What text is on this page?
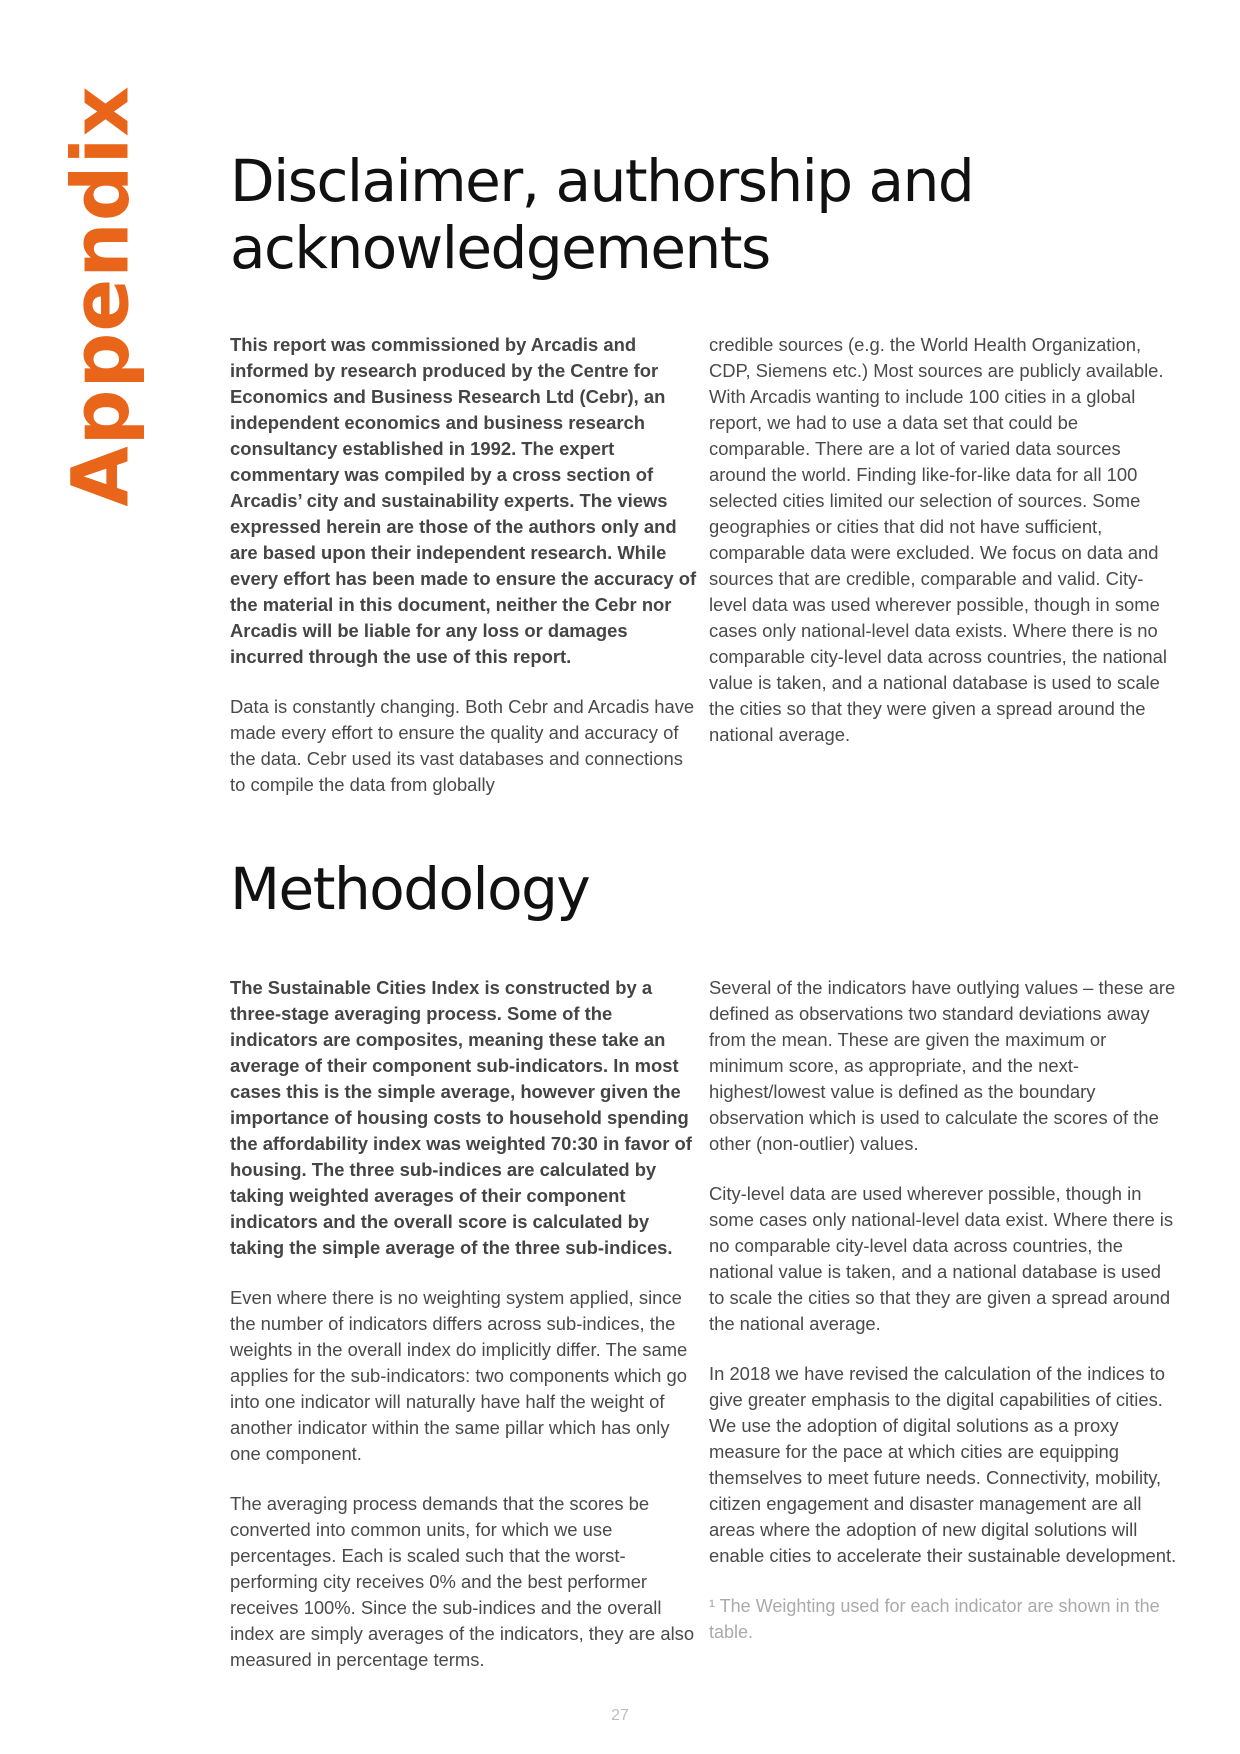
Appendix Disclaimer, authorship and acknowledgements

This report was commissioned by Arcadis and informed by research produced by the Centre for Economics and Business Research Ltd (Cebr), an independent economics and business research consultancy established in 1992. The expert commentary was compiled by a cross section of Arcadis’ city and sustainability experts. The views expressed herein are those of the authors only and are based upon their independent research. While every effort has been made to ensure the accuracy of the material in this document, neither the Cebr nor Arcadis will be liable for any loss or damages incurred through the use of this report.

Data is constantly changing. Both Cebr and Arcadis have made every effort to ensure the quality and accuracy of the data. Cebr used its vast databases and connections to compile the data from globally

credible sources (e.g. the World Health Organization, CDP, Siemens etc.) Most sources are publicly available. With Arcadis wanting to include 100 cities in a global report, we had to use a data set that could be comparable. There are a lot of varied data sources around the world. Finding like-for-like data for all 100 selected cities limited our selection of sources. Some geographies or cities that did not have sufficient, comparable data were excluded. We focus on data and sources that are credible, comparable and valid. City-level data was used wherever possible, though in some cases only national-level data exists. Where there is no comparable city-level data across countries, the national value is taken, and a national database is used to scale the cities so that they were given a spread around the national average.

Methodology

The Sustainable Cities Index is constructed by a three-stage averaging process. Some of the indicators are composites, meaning these take an average of their component sub-indicators. In most cases this is the simple average, however given the importance of housing costs to household spending the affordability index was weighted 70:30 in favor of housing. The three sub-indices are calculated by taking weighted averages of their component indicators and the overall score is calculated by taking the simple average of the three sub-indices.

Even where there is no weighting system applied, since the number of indicators differs across sub-indices, the weights in the overall index do implicitly differ. The same applies for the sub-indicators: two components which go into one indicator will naturally have half the weight of another indicator within the same pillar which has only one component.

The averaging process demands that the scores be converted into common units, for which we use percentages. Each is scaled such that the worst-performing city receives 0% and the best performer receives 100%. Since the sub-indices and the overall index are simply averages of the indicators, they are also measured in percentage terms.

Several of the indicators have outlying values – these are defined as observations two standard deviations away from the mean. These are given the maximum or minimum score, as appropriate, and the next-highest/lowest value is defined as the boundary observation which is used to calculate the scores of the other (non-outlier) values.

City-level data are used wherever possible, though in some cases only national-level data exist. Where there is no comparable city-level data across countries, the national value is taken, and a national database is used to scale the cities so that they are given a spread around the national average.

In 2018 we have revised the calculation of the indices to give greater emphasis to the digital capabilities of cities. We use the adoption of digital solutions as a proxy measure for the pace at which cities are equipping themselves to meet future needs. Connectivity, mobility, citizen engagement and disaster management are all areas where the adoption of new digital solutions will enable cities to accelerate their sustainable development.

¹ The Weighting used for each indicator are shown in the table.

27
